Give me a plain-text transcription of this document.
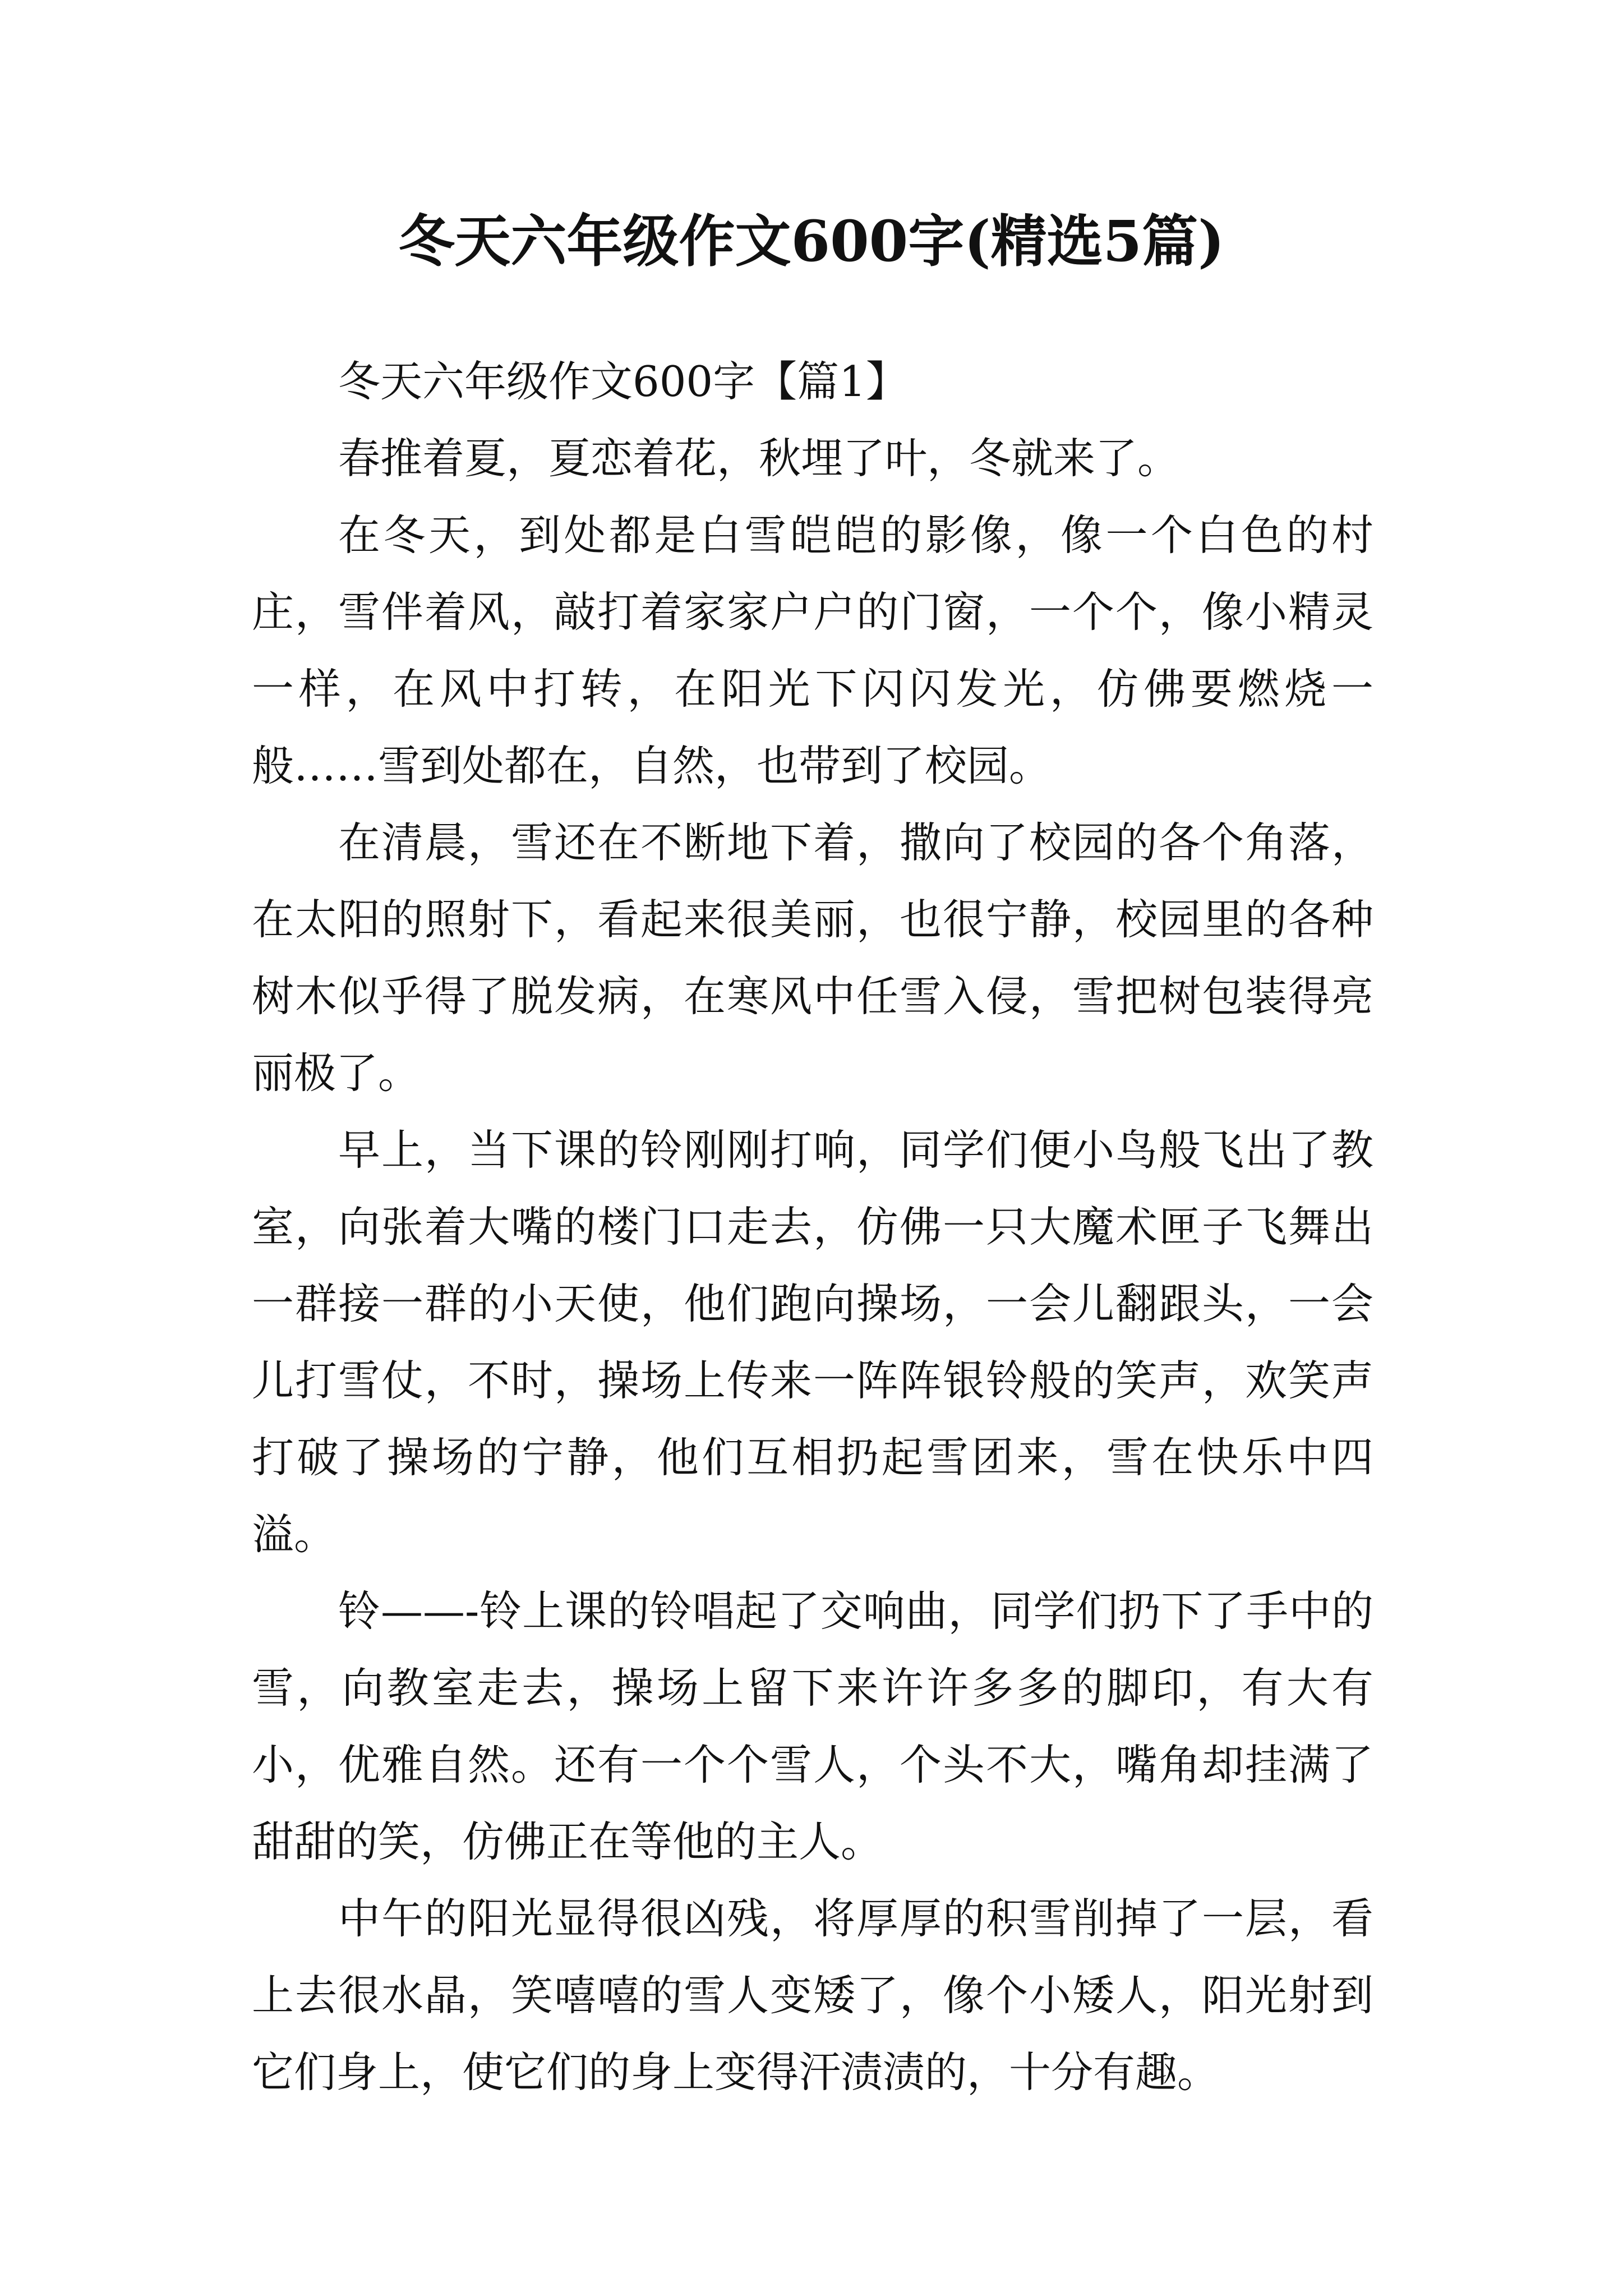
冬天六年级作文600字(精选5篇)

冬天六年级作文600字【篇1】

春推着夏，夏恋着花，秋埋了叶，冬就来了。

在冬天，到处都是白雪皑皑的影像，像一个白色的村庄，雪伴着风，敲打着家家户户的门窗，一个个，像小精灵一样，在风中打转，在阳光下闪闪发光，仿佛要燃烧一般……雪到处都在，自然，也带到了校园。

在清晨，雪还在不断地下着，撒向了校园的各个角落，在太阳的照射下，看起来很美丽，也很宁静，校园里的各种树木似乎得了脱发病，在寒风中任雪入侵，雪把树包装得亮丽极了。

早上，当下课的铃刚刚打响，同学们便小鸟般飞出了教室，向张着大嘴的楼门口走去，仿佛一只大魔术匣子飞舞出一群接一群的小天使，他们跑向操场，一会儿翻跟头，一会儿打雪仗，不时，操场上传来一阵阵银铃般的笑声，欢笑声打破了操场的宁静，他们互相扔起雪团来，雪在快乐中四溢。

铃——-铃上课的铃唱起了交响曲，同学们扔下了手中的雪，向教室走去，操场上留下来许许多多的脚印，有大有小，优雅自然。还有一个个雪人，个头不大，嘴角却挂满了甜甜的笑，仿佛正在等他的主人。

中午的阳光显得很凶残，将厚厚的积雪削掉了一层，看上去很水晶，笑嘻嘻的雪人变矮了，像个小矮人，阳光射到它们身上，使它们的身上变得汗渍渍的，十分有趣。
